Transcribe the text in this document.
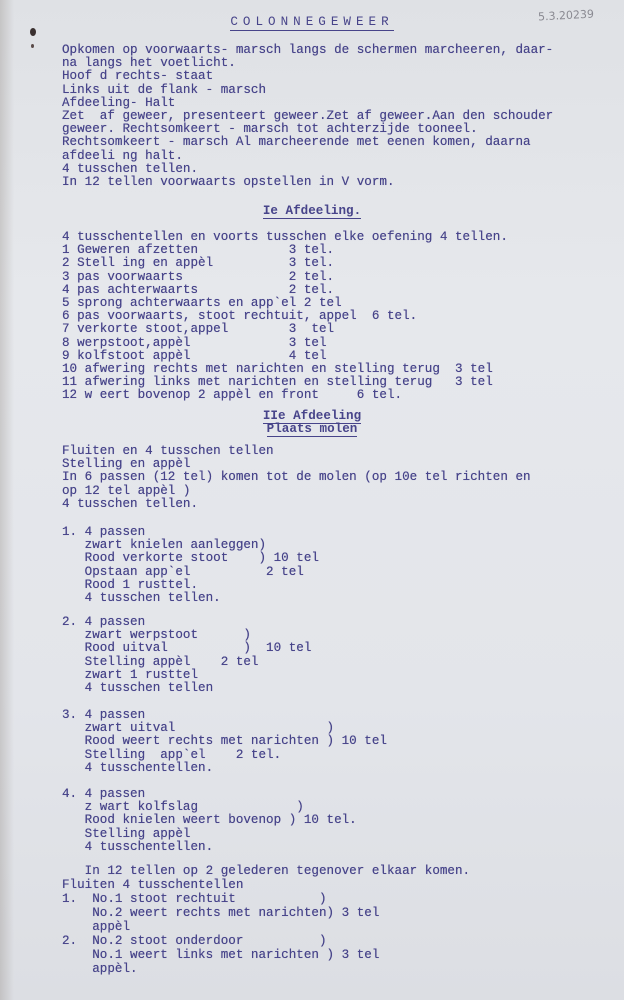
COLONNEGEWEER	5.3.20239
Opkomen op voorwaarts- marsch langs de schermen marcheeren, daar-
na langs het voetlicht.
Hoof d rechts- staat
Links uit de flank - marsch
Afdeeling- Halt
Zet  af geweer, presenteert geweer.Zet af geweer.Aan den schouder
geweer. Rechtsomkeert - marsch tot achterzijde tooneel.
Rechtsomkeert - marsch Al marcheerende met eenen komen, daarna
afdeeli ng halt.
4 tusschen tellen.
In 12 tellen voorwaarts opstellen in V vorm.
Ie Afdeeling.
4 tusschentellen en voorts tusschen elke oefening 4 tellen.
1 Geweren afzetten            3 tel.
2 Stell ing en appèl          3 tel.
3 pas voorwaarts              2 tel.
4 pas achterwaarts            2 tel.
5 sprong achterwaarts en app`el 2 tel
6 pas voorwaarts, stoot rechtuit, appel  6 tel.
7 verkorte stoot,appel        3  tel
8 werpstoot,appèl             3 tel
9 kolfstoot appèl             4 tel
10 afwering rechts met narichten en stelling terug  3 tel
11 afwering links met narichten en stelling terug   3 tel
12 w eert bovenop 2 appèl en front     6 tel.
IIe Afdeeling
Plaats molen
Fluiten en 4 tusschen tellen
Stelling en appèl
In 6 passen (12 tel) komen tot de molen (op 10e tel richten en
op 12 tel appèl )
4 tusschen tellen.
1. 4 passen
zwart knielen aanleggen)
Rood verkorte stoot    ) 10 tel
Opstaan app`el          2 tel
Rood 1 rusttel.
4 tusschen tellen.
2. 4 passen
zwart werpstoot      )
Rood uitval          )  10 tel
Stelling appèl    2 tel
zwart 1 rusttel
4 tusschen tellen
3. 4 passen
zwart uitval                    )
Rood weert rechts met narichten ) 10 tel
Stelling  app`el    2 tel.
4 tusschentellen.
4. 4 passen
z wart kolfslag             )
Rood knielen weert bovenop ) 10 tel.
Stelling appèl
4 tusschentellen.
In 12 tellen op 2 gelederen tegenover elkaar komen.
Fluiten 4 tusschentellen
1.  No.1 stoot rechtuit           )
No.2 weert rechts met narichten) 3 tel
appèl
2.  No.2 stoot onderdoor          )
No.1 weert links met narichten ) 3 tel
appèl.
